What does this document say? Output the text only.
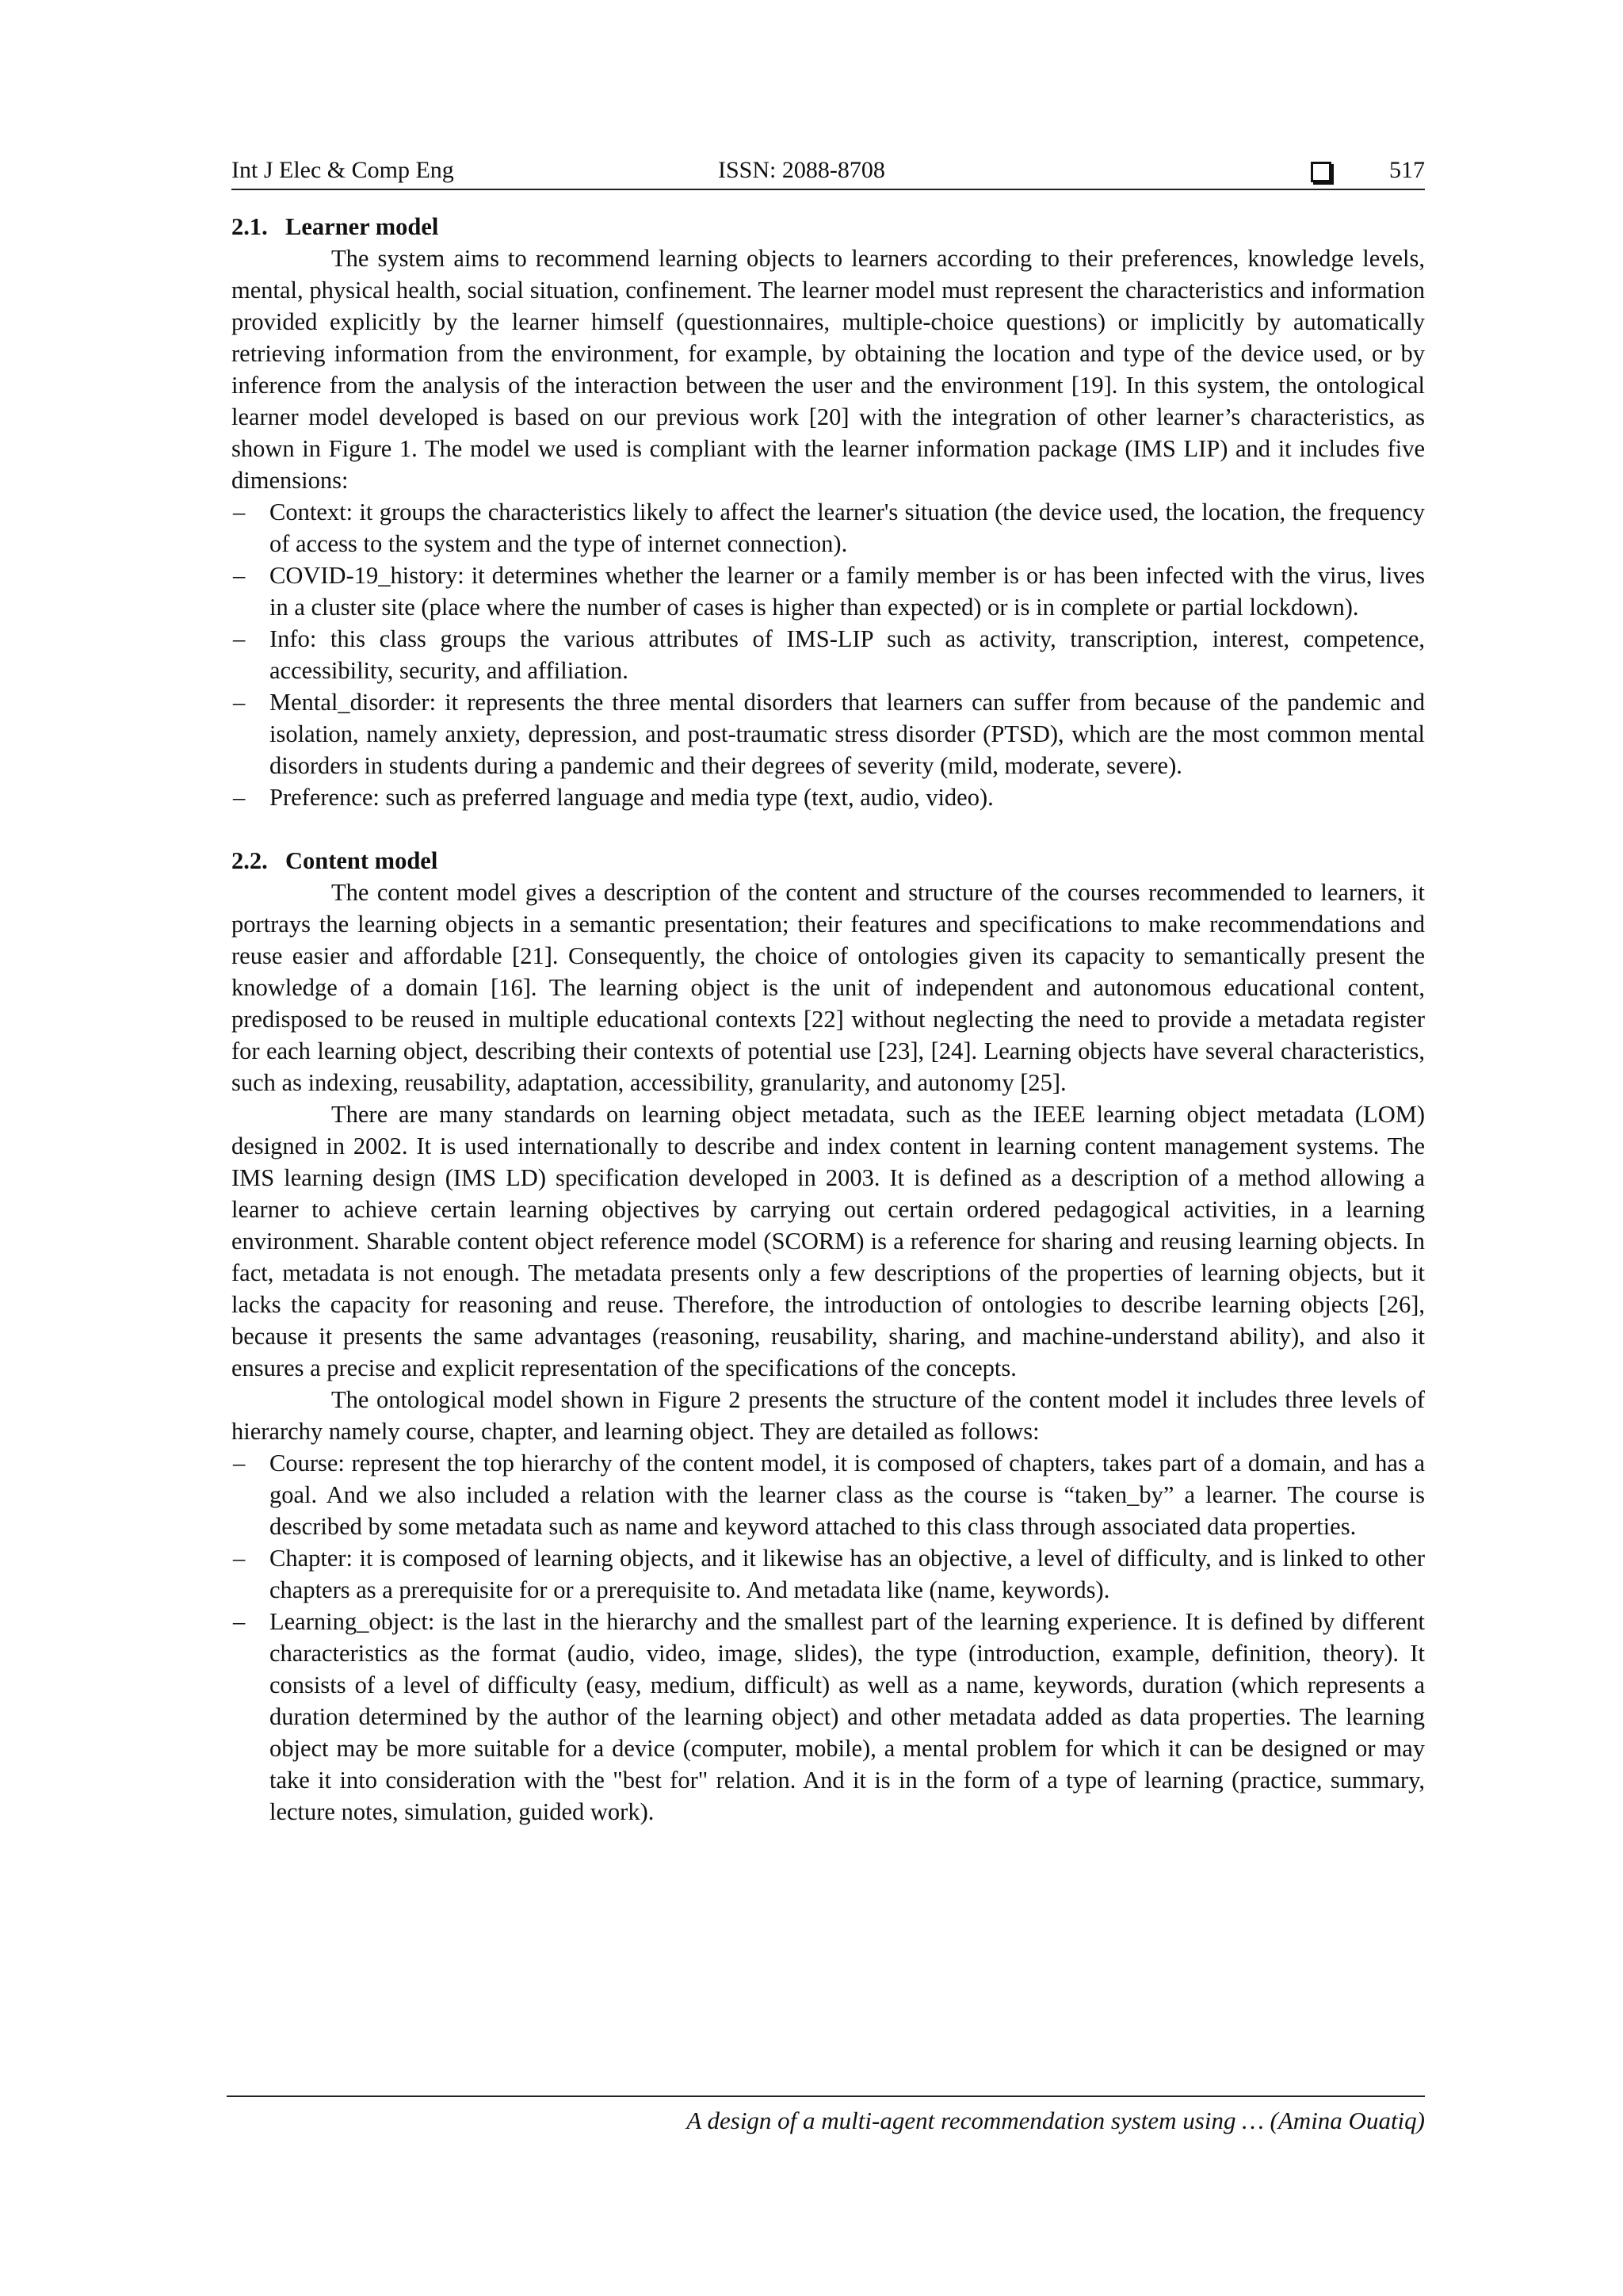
Int J Elec & Comp Eng	ISSN: 2088-8708	517
2.1. Learner model

The system aims to recommend learning objects to learners according to their preferences, knowledge levels, mental, physical health, social situation, confinement. The learner model must represent the characteristics and information provided explicitly by the learner himself (questionnaires, multiple-choice questions) or implicitly by automatically retrieving information from the environment, for example, by obtaining the location and type of the device used, or by inference from the analysis of the interaction between the user and the environment [19]. In this system, the ontological learner model developed is based on our previous work [20] with the integration of other learner’s characteristics, as shown in Figure 1. The model we used is compliant with the learner information package (IMS LIP) and it includes five dimensions:

– Context: it groups the characteristics likely to affect the learner's situation (the device used, the location, the frequency of access to the system and the type of internet connection).
– COVID-19_history: it determines whether the learner or a family member is or has been infected with the virus, lives in a cluster site (place where the number of cases is higher than expected) or is in complete or partial lockdown).
– Info: this class groups the various attributes of IMS-LIP such as activity, transcription, interest, competence, accessibility, security, and affiliation.
– Mental_disorder: it represents the three mental disorders that learners can suffer from because of the pandemic and isolation, namely anxiety, depression, and post-traumatic stress disorder (PTSD), which are the most common mental disorders in students during a pandemic and their degrees of severity (mild, moderate, severe).
– Preference: such as preferred language and media type (text, audio, video).
2.2. Content model

The content model gives a description of the content and structure of the courses recommended to learners, it portrays the learning objects in a semantic presentation; their features and specifications to make recommendations and reuse easier and affordable [21]. Consequently, the choice of ontologies given its capacity to semantically present the knowledge of a domain [16]. The learning object is the unit of independent and autonomous educational content, predisposed to be reused in multiple educational contexts [22] without neglecting the need to provide a metadata register for each learning object, describing their contexts of potential use [23], [24]. Learning objects have several characteristics, such as indexing, reusability, adaptation, accessibility, granularity, and autonomy [25].

There are many standards on learning object metadata, such as the IEEE learning object metadata (LOM) designed in 2002. It is used internationally to describe and index content in learning content management systems. The IMS learning design (IMS LD) specification developed in 2003. It is defined as a description of a method allowing a learner to achieve certain learning objectives by carrying out certain ordered pedagogical activities, in a learning environment. Sharable content object reference model (SCORM) is a reference for sharing and reusing learning objects. In fact, metadata is not enough. The metadata presents only a few descriptions of the properties of learning objects, but it lacks the capacity for reasoning and reuse. Therefore, the introduction of ontologies to describe learning objects [26], because it presents the same advantages (reasoning, reusability, sharing, and machine-understand ability), and also it ensures a precise and explicit representation of the specifications of the concepts.

The ontological model shown in Figure 2 presents the structure of the content model it includes three levels of hierarchy namely course, chapter, and learning object. They are detailed as follows:

– Course: represent the top hierarchy of the content model, it is composed of chapters, takes part of a domain, and has a goal. And we also included a relation with the learner class as the course is “taken_by” a learner. The course is described by some metadata such as name and keyword attached to this class through associated data properties.
– Chapter: it is composed of learning objects, and it likewise has an objective, a level of difficulty, and is linked to other chapters as a prerequisite for or a prerequisite to. And metadata like (name, keywords).
– Learning_object: is the last in the hierarchy and the smallest part of the learning experience. It is defined by different characteristics as the format (audio, video, image, slides), the type (introduction, example, definition, theory). It consists of a level of difficulty (easy, medium, difficult) as well as a name, keywords, duration (which represents a duration determined by the author of the learning object) and other metadata added as data properties. The learning object may be more suitable for a device (computer, mobile), a mental problem for which it can be designed or may take it into consideration with the "best for" relation. And it is in the form of a type of learning (practice, summary, lecture notes, simulation, guided work).
A design of a multi-agent recommendation system using … (Amina Ouatiq)
